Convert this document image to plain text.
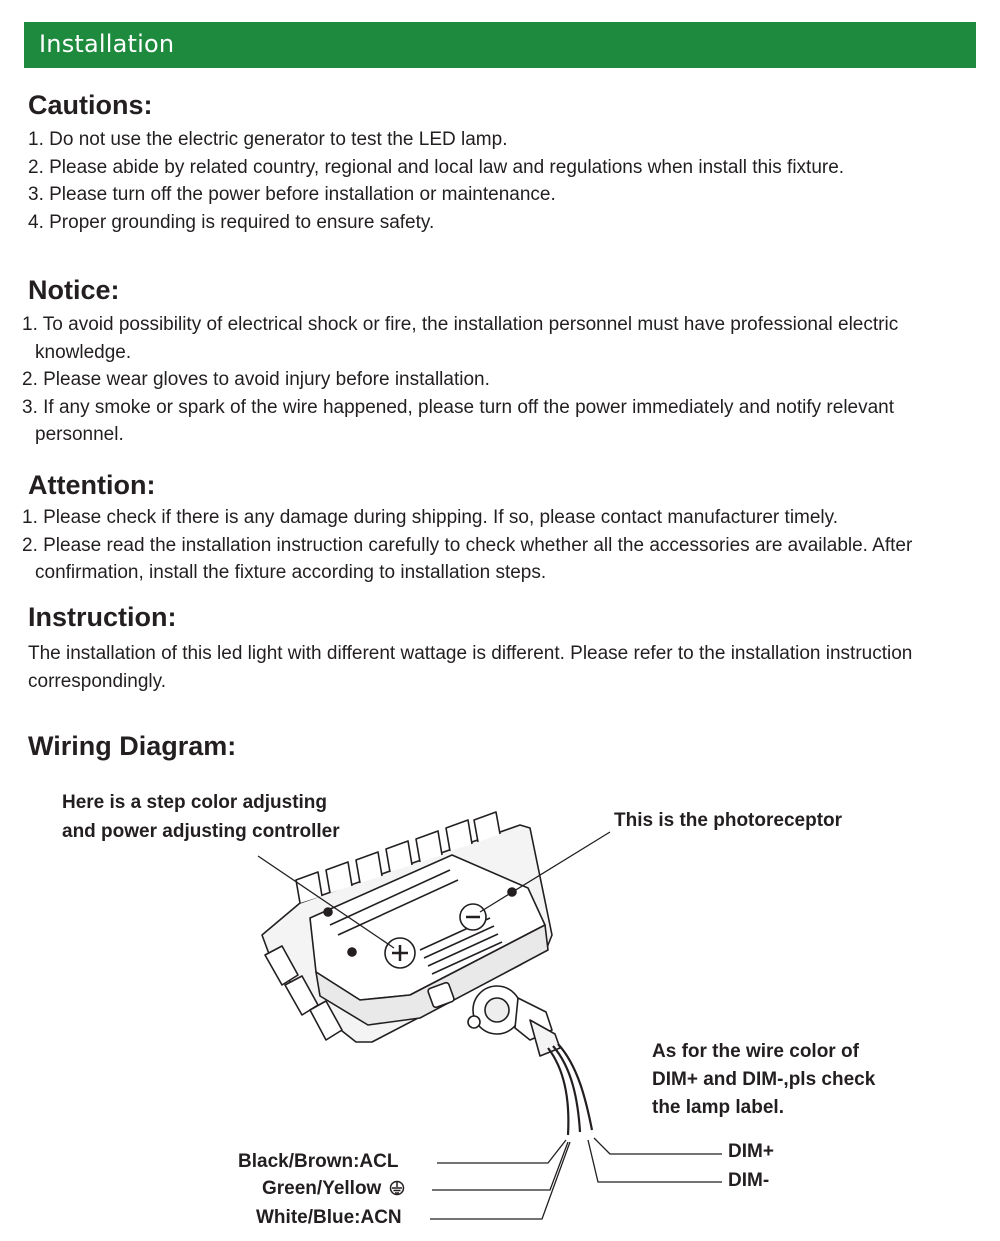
Installation
Cautions:
1. Do not use the electric generator to test the LED lamp.
2. Please abide by related country, regional and local law and regulations when install this fixture.
3. Please turn off the power before installation or maintenance.
4. Proper grounding is required to ensure safety.
Notice:
1. To avoid possibility of electrical shock or fire, the installation personnel must have professional electric knowledge.
2. Please wear gloves to avoid injury before installation.
3. If any smoke or spark of the wire happened, please turn off the power immediately and notify relevant personnel.
Attention:
1. Please check if there is any damage during shipping. If so, please contact manufacturer timely.
2. Please read the installation instruction carefully to check whether all the accessories are available. After confirmation, install the fixture according to installation steps.
Instruction:

The installation of this led light with different wattage is different. Please refer to the installation instruction correspondingly.

Wiring Diagram:
Here is a step color adjusting
and power adjusting controller
This is the photoreceptor
As for the wire color of
DIM+ and DIM-,pls check
the lamp label.
Black/Brown:ACL
Green/Yellow
White/Blue:ACN
DIM+
DIM-
